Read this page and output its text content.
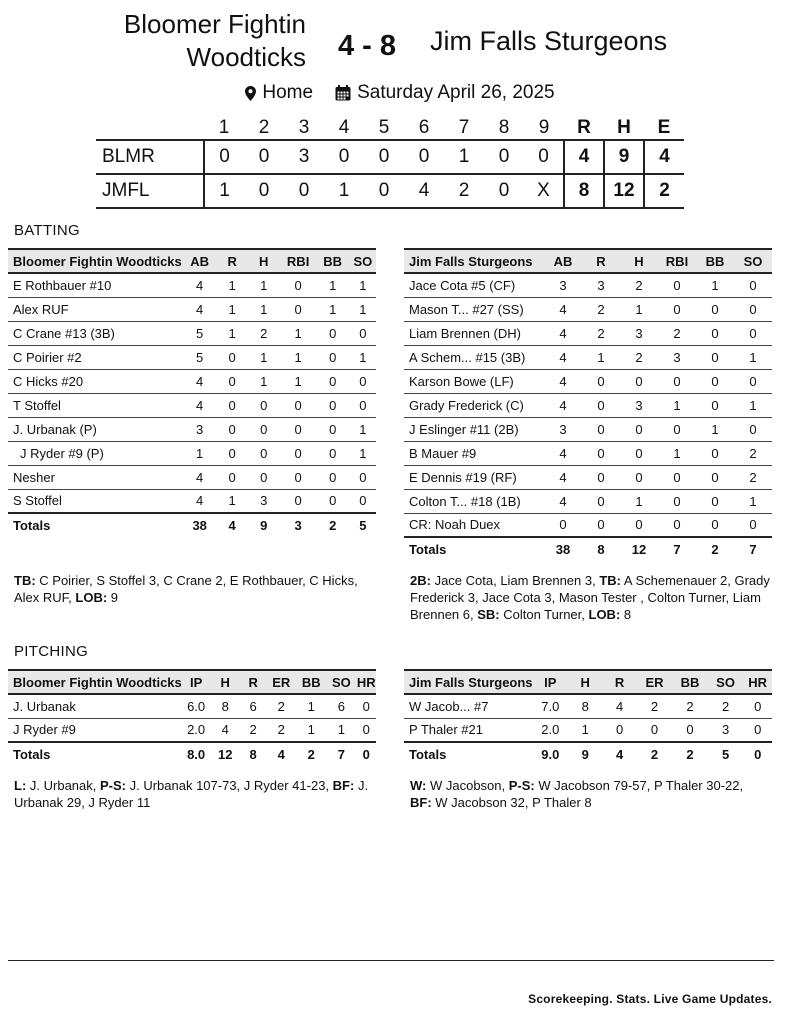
Bloomer Fightin
Woodticks 4 - 8 Jim Falls Sturgeons
Home Saturday April 26, 2025
	1	2	3	4	5	6	7	8	9	R	H	E
BLMR	0	0	3	0	0	0	1	0	0	4	9	4
JMFL	1	0	0	1	0	4	2	0	X	8	12	2
BATTING
Bloomer Fightin Woodticks	AB	R	H	RBI	BB	SO
E Rothbauer #10	4	1	1	0	1	1
Alex RUF	4	1	1	0	1	1
C Crane #13 (3B)	5	1	2	1	0	0
C Poirier #2	5	0	1	1	0	1
C Hicks #20	4	0	1	1	0	0
T Stoffel	4	0	0	0	0	0
J. Urbanak (P)	3	0	0	0	0	1
J Ryder #9 (P)	1	0	0	0	0	1
Nesher	4	0	0	0	0	0
S Stoffel	4	1	3	0	0	0
Totals	38	4	9	3	2	5
Jim Falls Sturgeons	AB	R	H	RBI	BB	SO
Jace Cota #5 (CF)	3	3	2	0	1	0
Mason T... #27 (SS)	4	2	1	0	0	0
Liam Brennen (DH)	4	2	3	2	0	0
A Schem... #15 (3B)	4	1	2	3	0	1
Karson Bowe (LF)	4	0	0	0	0	0
Grady Frederick (C)	4	0	3	1	0	1
J Eslinger #11 (2B)	3	0	0	0	1	0
B Mauer #9	4	0	0	1	0	2
E Dennis #19 (RF)	4	0	0	0	0	2
Colton T... #18 (1B)	4	0	1	0	0	1
CR: Noah Duex	0	0	0	0	0	0
Totals	38	8	12	7	2	7
TB: C Poirier, S Stoffel 3, C Crane 2, E Rothbauer, C Hicks, Alex RUF, LOB: 9
2B: Jace Cota, Liam Brennen 3, TB: A Schemenauer 2, Grady Frederick 3, Jace Cota 3, Mason Tester , Colton Turner, Liam Brennen 6, SB: Colton Turner, LOB: 8
PITCHING
Bloomer Fightin Woodticks	IP	H	R	ER	BB	SO	HR
J. Urbanak	6.0	8	6	2	1	6	0
J Ryder #9	2.0	4	2	2	1	1	0
Totals	8.0	12	8	4	2	7	0
Jim Falls Sturgeons	IP	H	R	ER	BB	SO	HR
W Jacob... #7	7.0	8	4	2	2	2	0
P Thaler #21	2.0	1	0	0	0	3	0
Totals	9.0	9	4	2	2	5	0
L: J. Urbanak, P-S: J. Urbanak 107-73, J Ryder 41-23, BF: J. Urbanak 29, J Ryder 11
W: W Jacobson, P-S: W Jacobson 79-57, P Thaler 30-22, BF: W Jacobson 32, P Thaler 8
Scorekeeping. Stats. Live Game Updates.
